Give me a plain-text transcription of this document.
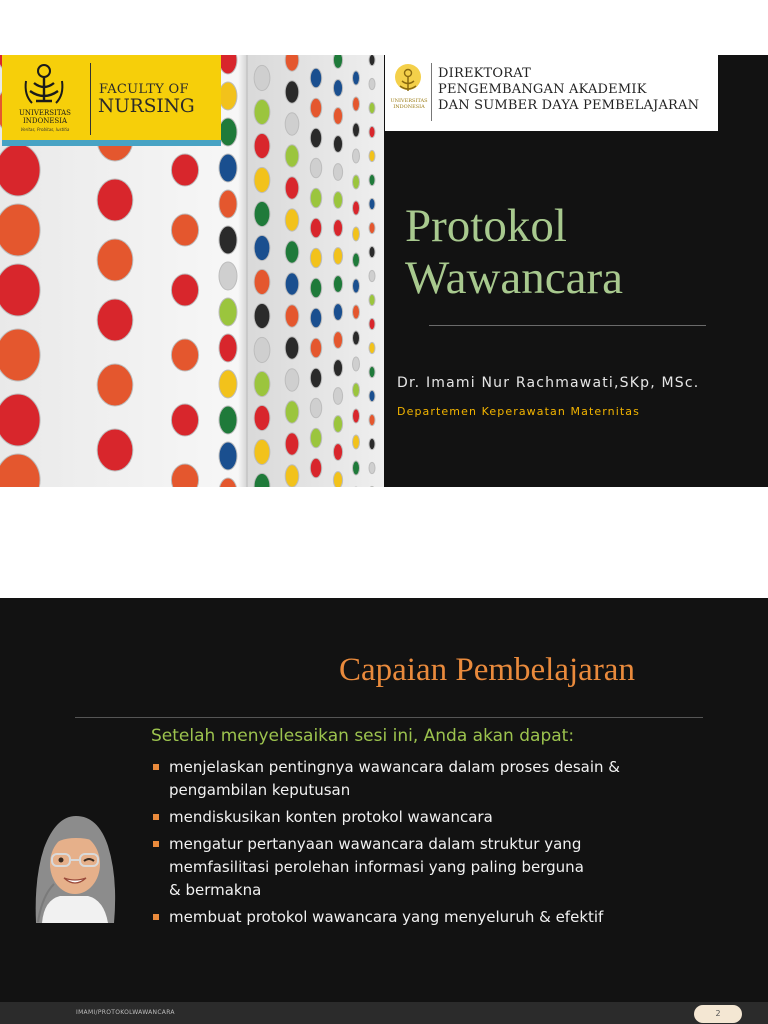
UNIVERSITAS INDONESIA
Veritas, Probitas, Iustitia
FACULTY OF
NURSING	UNIVERSITAS INDONESIA
DIREKTORAT
PENGEMBANGAN AKADEMIK
DAN SUMBER DAYA PEMBELAJARAN
Protokol
Wawancara
Dr. Imami Nur Rachmawati,SKp, MSc.
Departemen Keperawatan Maternitas
Capaian Pembelajaran
Setelah menyelesaikan sesi ini, Anda akan dapat:
menjelaskan pentingnya wawancara dalam proses desain &
pengambilan keputusan
mendiskusikan konten protokol wawancara
mengatur pertanyaan wawancara dalam struktur yang
memfasilitasi perolehan informasi yang paling berguna
& bermakna
membuat protokol wawancara yang menyeluruh & efektif
IMAMI/PROTOKOLWAWANCARA	2
